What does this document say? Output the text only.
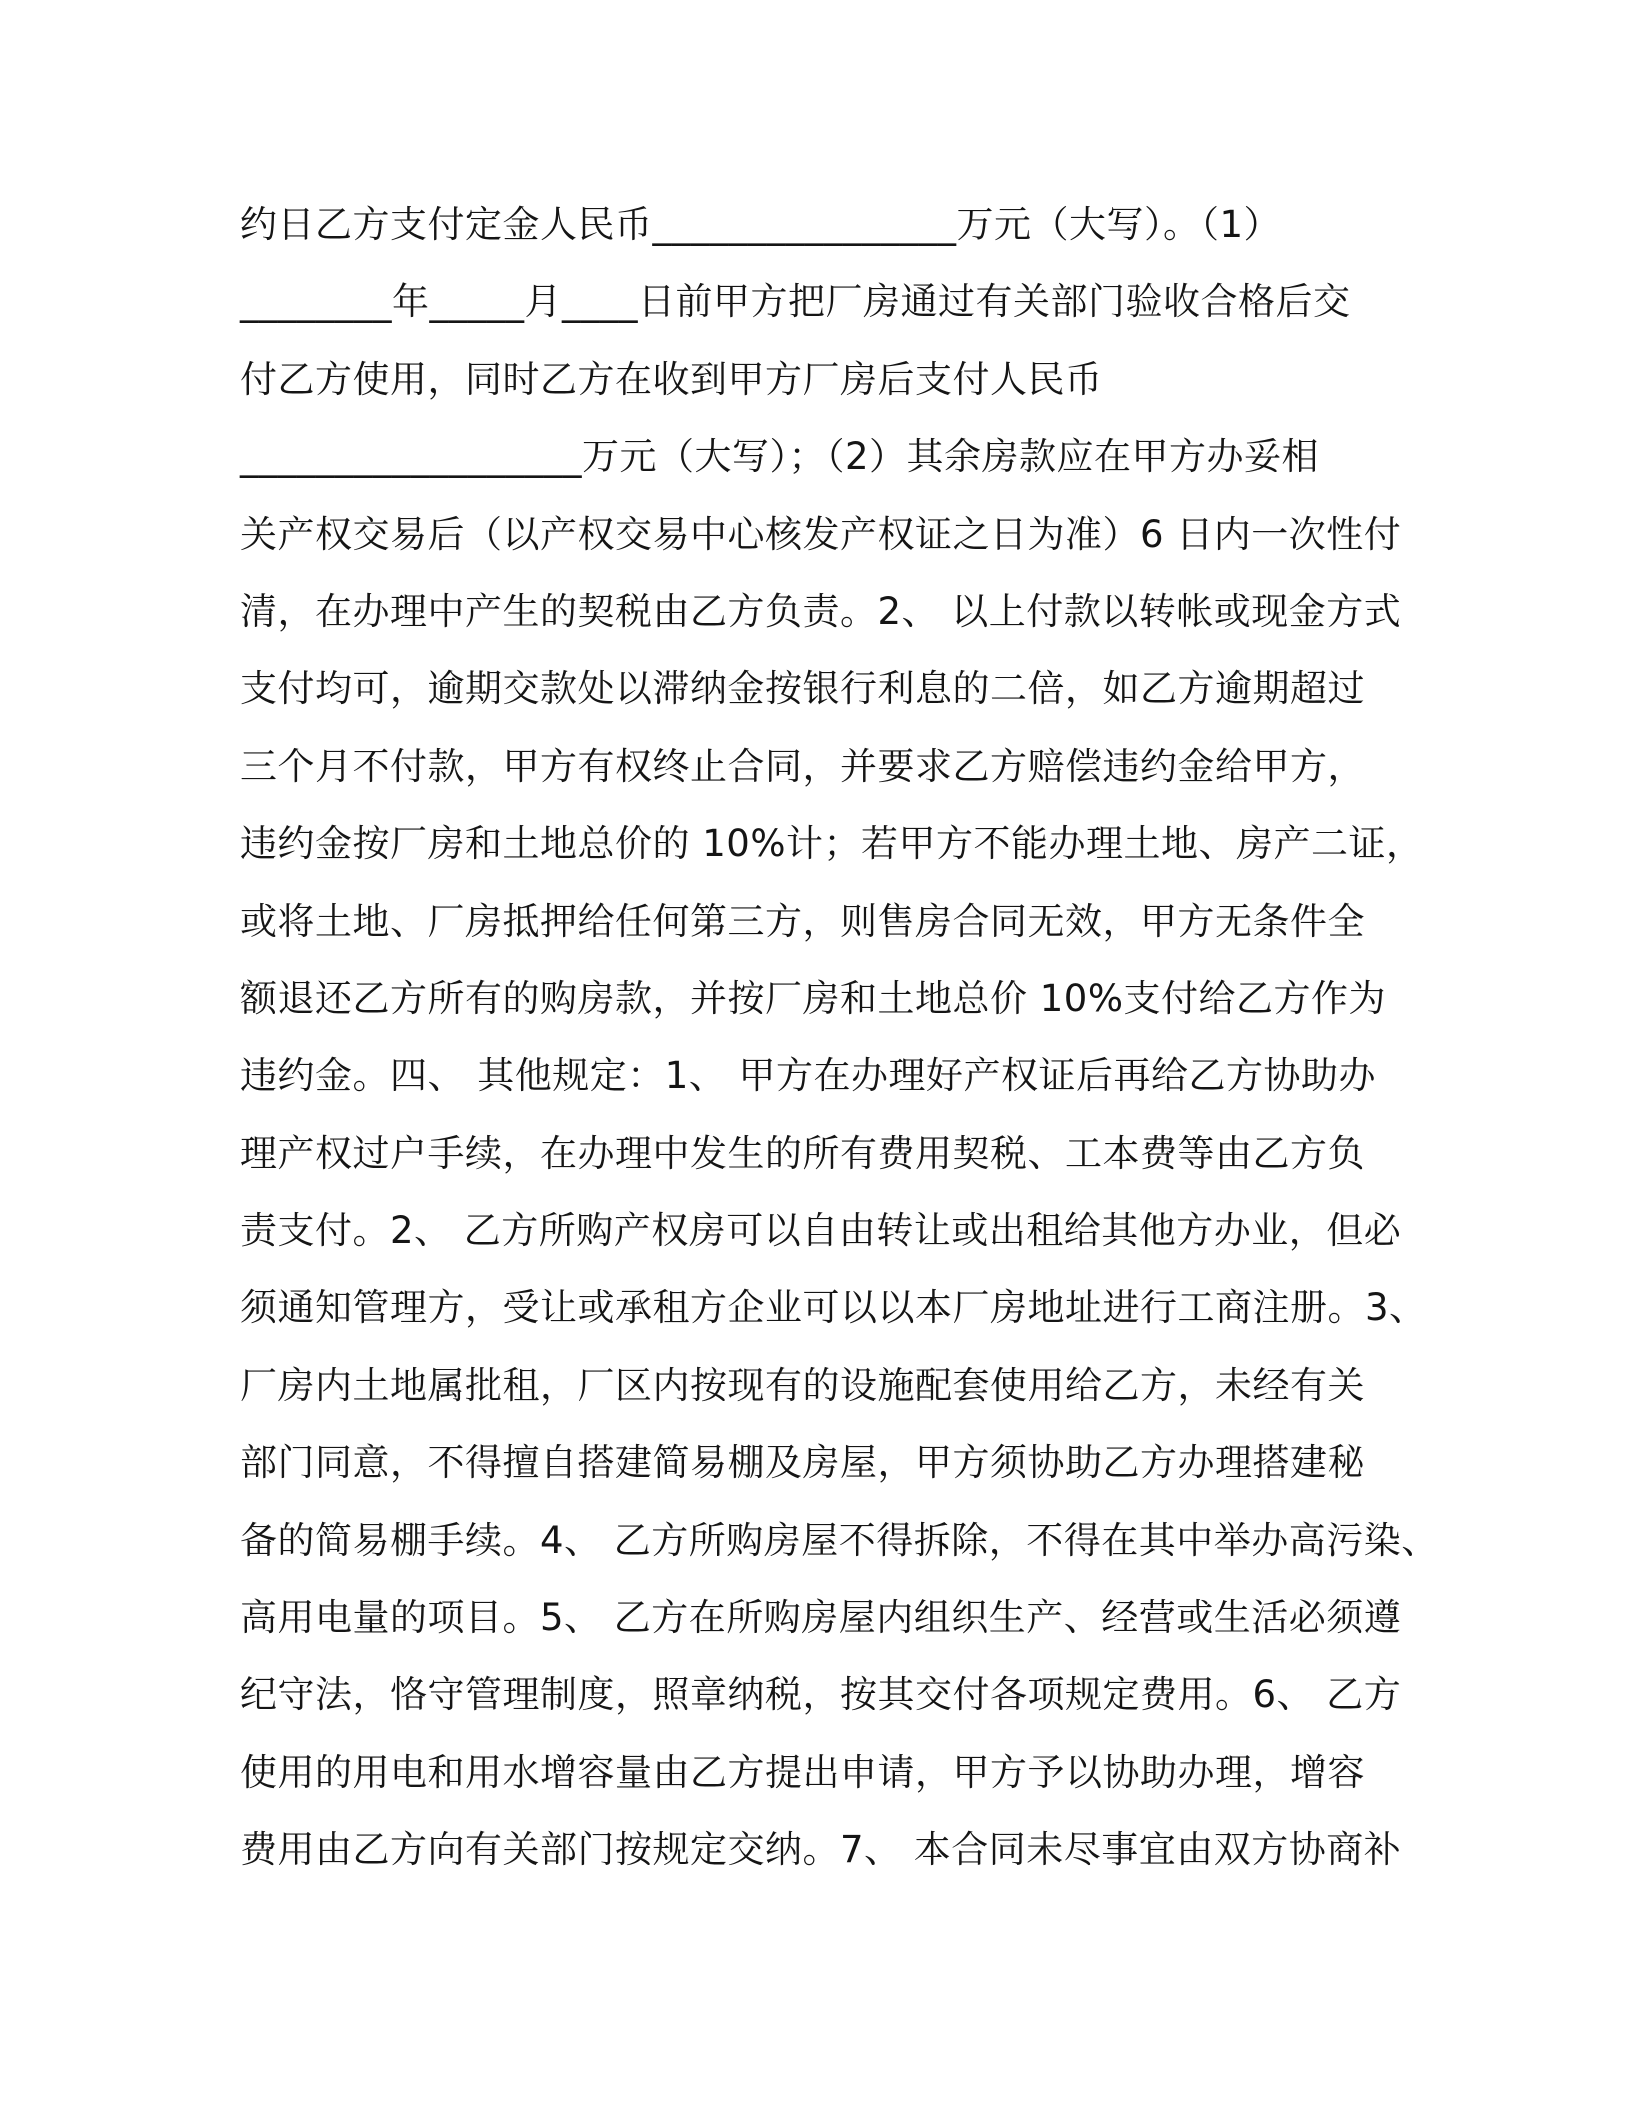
约日乙方支付定金人民币________________万元（大写）。（1）
________年_____月____日前甲方把厂房通过有关部门验收合格后交
付乙方使用，同时乙方在收到甲方厂房后支付人民币
__________________万元（大写）；（2）其余房款应在甲方办妥相
关产权交易后（以产权交易中心核发产权证之日为准）6 日内一次性付
清，在办理中产生的契税由乙方负责。2、 以上付款以转帐或现金方式
支付均可，逾期交款处以滞纳金按银行利息的二倍，如乙方逾期超过
三个月不付款，甲方有权终止合同，并要求乙方赔偿违约金给甲方，
违约金按厂房和土地总价的 10%计；若甲方不能办理土地、房产二证，
或将土地、厂房抵押给任何第三方，则售房合同无效，甲方无条件全
额退还乙方所有的购房款，并按厂房和土地总价 10%支付给乙方作为
违约金。四、 其他规定：1、 甲方在办理好产权证后再给乙方协助办
理产权过户手续，在办理中发生的所有费用契税、工本费等由乙方负
责支付。2、 乙方所购产权房可以自由转让或出租给其他方办业，但必
须通知管理方，受让或承租方企业可以以本厂房地址进行工商注册。3、
厂房内土地属批租，厂区内按现有的设施配套使用给乙方，未经有关
部门同意，不得擅自搭建简易棚及房屋，甲方须协助乙方办理搭建秘
备的简易棚手续。4、 乙方所购房屋不得拆除，不得在其中举办高污染、
高用电量的项目。5、 乙方在所购房屋内组织生产、经营或生活必须遵
纪守法，恪守管理制度，照章纳税，按其交付各项规定费用。6、 乙方
使用的用电和用水增容量由乙方提出申请，甲方予以协助办理，增容
费用由乙方向有关部门按规定交纳。7、 本合同未尽事宜由双方协商补
